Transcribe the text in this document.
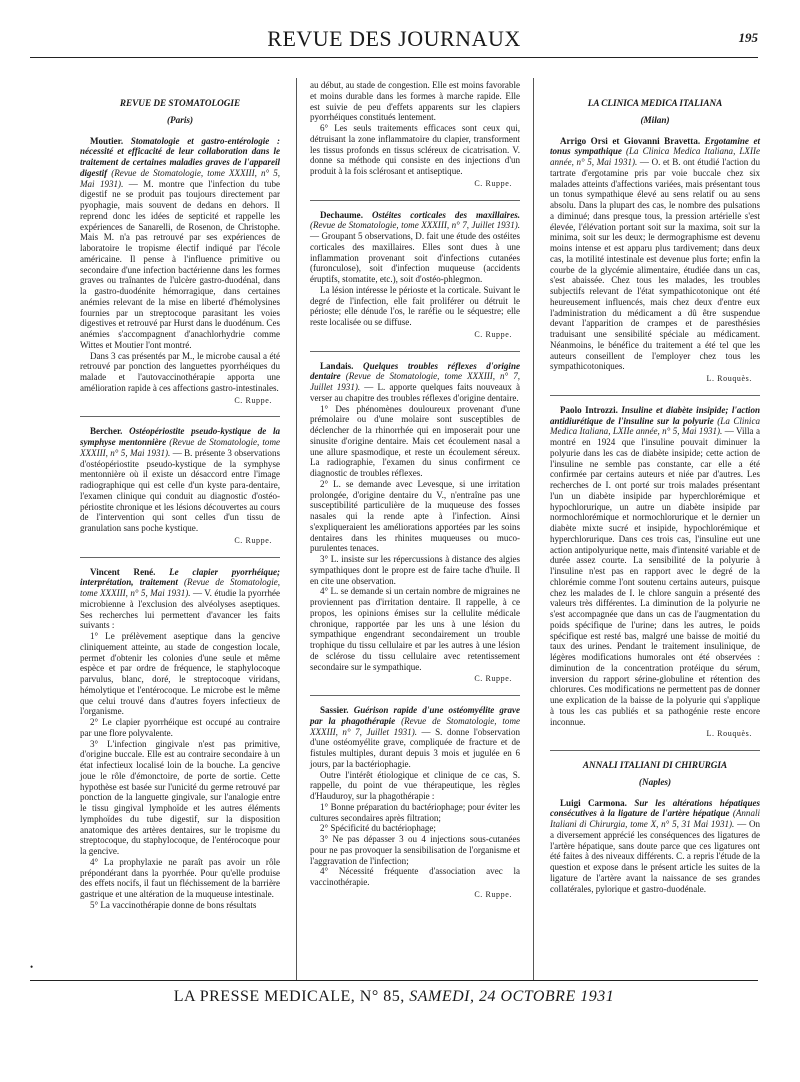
REVUE DES JOURNAUX	195
REVUE DE STOMATOLOGIE
(Paris)
Moutier. Stomatologie et gastro-entérologie : nécessité et efficacité de leur collaboration dans le traitement de certaines maladies graves de l'appareil digestif (Revue de Stomatologie, tome XXXIII, n° 5, Mai 1931). — M. montre que l'infection du tube digestif ne se produit pas toujours directement par pyophagie, mais souvent de dedans en dehors. Il reprend donc les idées de septicité et rappelle les expériences de Sanarelli, de Rosenon, de Christophe. Mais M. n'a pas retrouvé par ses expériences de laboratoire le tropisme électif indiqué par l'école américaine. Il pense à l'influence primitive ou secondaire d'une infection bactérienne dans les formes graves ou traînantes de l'ulcère gastro-duodénal, dans la gastro-duodénite hémorragique, dans certaines anémies relevant de la mise en liberté d'hémolysines fournies par un streptocoque parasitant les voies digestives et retrouvé par Hurst dans le duodénum. Ces anémies s'accompagnent d'anachlorhydrie comme Wittes et Moutier l'ont montré.
Dans 3 cas présentés par M., le microbe causal a été retrouvé par ponction des languettes pyorrhéiques du malade et l'autovaccinothérapie apporta une amélioration rapide à ces affections gastro-intestinales.
C. Ruppe.
Bercher. Ostéopériostite pseudo-kystique de la symphyse mentonnière (Revue de Stomatologie, tome XXXIII, n° 5, Mai 1931). — B. présente 3 observations d'ostéopériostite pseudo-kystique de la symphyse mentonnière où il existe un désaccord entre l'image radiographique qui est celle d'un kyste para-dentaire, l'examen clinique qui conduit au diagnostic d'ostéo-périostite chronique et les lésions découvertes au cours de l'intervention qui sont celles d'un tissu de granulation sans poche kystique.
C. Ruppe.
Vincent René. Le clapier pyorrhéique; interprétation, traitement (Revue de Stomatologie, tome XXXIII, n° 5, Mai 1931). — V. étudie la pyorrhée microbienne à l'exclusion des alvéolyses aseptiques. Ses recherches lui permettent d'avancer les faits suivants :
1° Le prélèvement aseptique dans la gencive cliniquement atteinte, au stade de congestion locale, permet d'obtenir les colonies d'une seule et même espèce et par ordre de fréquence, le staphylocoque parvulus, blanc, doré, le streptocoque viridans, hémolytique et l'entérocoque. Le microbe est le même que celui trouvé dans d'autres foyers infectieux de l'organisme.
2° Le clapier pyorrhéique est occupé au contraire par une flore polyvalente.
3° L'infection gingivale n'est pas primitive, d'origine buccale. Elle est au contraire secondaire à un état infectieux localisé loin de la bouche. La gencive joue le rôle d'émonctoire, de porte de sortie. Cette hypothèse est basée sur l'unicité du germe retrouvé par ponction de la languette gingivale, sur l'analogie entre le tissu gingival lymphoïde et les autres éléments lymphoïdes du tube digestif, sur la disposition anatomique des artères dentaires, sur le tropisme du streptocoque, du staphylocoque, de l'entérocoque pour la gencive.
4° La prophylaxie ne paraît pas avoir un rôle prépondérant dans la pyorrhée. Pour qu'elle produise des effets nocifs, il faut un fléchissement de la barrière gastrique et une altération de la muqueuse intestinale.
5° La vaccinothérapie donne de bons résultats
au début, au stade de congestion. Elle est moins favorable et moins durable dans les formes à marche rapide. Elle est suivie de peu d'effets apparents sur les clapiers pyorrhéiques constitués lentement.
6° Les seuls traitements efficaces sont ceux qui, détruisant la zone inflammatoire du clapier, transforment les tissus profonds en tissus scléreux de cicatrisation. V. donne sa méthode qui consiste en des injections d'un produit à la fois sclérosant et antiseptique.
C. Ruppe.
Dechaume. Ostéites corticales des maxillaires. (Revue de Stomatologie, tome XXXIII, n° 7, Juillet 1931). — Groupant 5 observations, D. fait une étude des ostéites corticales des maxillaires. Elles sont dues à une inflammation provenant soit d'infections cutanées (furonculose), soit d'infection muqueuse (accidents éruptifs, stomatite, etc.), soit d'ostéo-phlegmon.
La lésion intéresse le périoste et la corticale. Suivant le degré de l'infection, elle fait proliférer ou détruit le périoste; elle dénude l'os, le raréfie ou le séquestre; elle reste localisée ou se diffuse.
C. Ruppe.
Landais. Quelques troubles réflexes d'origine dentaire (Revue de Stomatologie, tome XXXIII, n° 7, Juillet 1931). — L. apporte quelques faits nouveaux à verser au chapitre des troubles réflexes d'origine dentaire.
1° Des phénomènes douloureux provenant d'une prémolaire ou d'une molaire sont susceptibles de déclencher de la rhinorrhée qui en imposerait pour une sinusite d'origine dentaire. Mais cet écoulement nasal a une allure spasmodique, et reste un écoulement séreux. La radiographie, l'examen du sinus confirment ce diagnostic de troubles réflexes.
2° L. se demande avec Levesque, si une irritation prolongée, d'origine dentaire du V., n'entraîne pas une susceptibilité particulière de la muqueuse des fosses nasales qui la rende apte à l'infection. Ainsi s'expliqueraient les améliorations apportées par les soins dentaires dans les rhinites muqueuses ou muco-purulentes tenaces.
3° L. insiste sur les répercussions à distance des algies sympathiques dont le propre est de faire tache d'huile. Il en cite une observation.
4° L. se demande si un certain nombre de migraines ne proviennent pas d'irritation dentaire. Il rappelle, à ce propos, les opinions émises sur la cellulite médicale chronique, rapportée par les uns à une lésion du sympathique engendrant secondairement un trouble trophique du tissu cellulaire et par les autres à une lésion de sclérose du tissu cellulaire avec retentissement secondaire sur le sympathique.
C. Ruppe.
Sassier. Guérison rapide d'une ostéomyélite grave par la phagothérapie (Revue de Stomatologie, tome XXXIII, n° 7, Juillet 1931). — S. donne l'observation d'une ostéomyélite grave, compliquée de fracture et de fistules multiples, durant depuis 3 mois et jugulée en 6 jours, par la bactériophagie.
Outre l'intérêt étiologique et clinique de ce cas, S. rappelle, du point de vue thérapeutique, les règles d'Hauduroy, sur la phagothérapie :
1° Bonne préparation du bactériophage; pour éviter les cultures secondaires après filtration;
2° Spécificité du bactériophage;
3° Ne pas dépasser 3 ou 4 injections sous-cutanées pour ne pas provoquer la sensibilisation de l'organisme et l'aggravation de l'infection;
4° Nécessité fréquente d'association avec la vaccinothérapie.
C. Ruppe.
LA CLINICA MEDICA ITALIANA
(Milan)
Arrigo Orsi et Giovanni Bravetta. Ergotamine et tonus sympathique (La Clinica Medica Italiana, LXIIe année, n° 5, Mai 1931). — O. et B. ont étudié l'action du tartrate d'ergotamine pris par voie buccale chez six malades atteints d'affections variées, mais présentant tous un tonus sympathique élevé au sens relatif ou au sens absolu. Dans la plupart des cas, le nombre des pulsations a diminué; dans presque tous, la pression artérielle s'est élevée, l'élévation portant soit sur la maxima, soit sur la minima, soit sur les deux; le dermographisme est devenu moins intense et est apparu plus tardivement; dans deux cas, la motilité intestinale est devenue plus forte; enfin la courbe de la glycémie alimentaire, étudiée dans un cas, s'est abaissée. Chez tous les malades, les troubles subjectifs relevant de l'état sympathicotonique ont été heureusement influencés, mais chez deux d'entre eux l'administration du médicament a dû être suspendue devant l'apparition de crampes et de paresthésies traduisant une sensibilité spéciale au médicament. Néanmoins, le bénéfice du traitement a été tel que les auteurs conseillent de l'employer chez tous les sympathicotoniques.
L. Rouquès.
Paolo Introzzi. Insuline et diabète insipide; l'action antidiurétique de l'insuline sur la polyurie (La Clinica Medica Italiana, LXIIe année, n° 5, Mai 1931). — Villa a montré en 1924 que l'insuline pouvait diminuer la polyurie dans les cas de diabète insipide; cette action de l'insuline ne semble pas constante, car elle a été confirmée par certains auteurs et niée par d'autres. Les recherches de I. ont porté sur trois malades présentant l'un un diabète insipide par hyperchlorémique et hypochlorurique, un autre un diabète insipide par normochlorémique et normochlorurique et le dernier un diabète mixte sucré et insipide, hypochlorémique et hyperchlorurique. Dans ces trois cas, l'insuline eut une action antipolyurique nette, mais d'intensité variable et de durée assez courte. La sensibilité de la polyurie à l'insuline n'est pas en rapport avec le degré de la chlorémie comme l'ont soutenu certains auteurs, puisque chez les malades de I. le chlore sanguin a présenté des valeurs très différentes. La diminution de la polyurie ne s'est accompagnée que dans un cas de l'augmentation du poids spécifique de l'urine; dans les autres, le poids spécifique est resté bas, malgré une baisse de moitié du taux des urines. Pendant le traitement insulinique, de légères modifications humorales ont été observées : diminution de la concentration protéique du sérum, inversion du rapport sérine-globuline et rétention des chlorures. Ces modifications ne permettent pas de donner une explication de la baisse de la polyurie qui s'applique à tous les cas publiés et sa pathogénie reste encore inconnue.
L. Rouquès.
ANNALI ITALIANI DI CHIRURGIA
(Naples)
Luigi Carmona. Sur les altérations hépatiques consécutives à la ligature de l'artère hépatique (Annali Italiani di Chirurgia, tome X, n° 5, 31 Mai 1931). — On a diversement apprécié les conséquences des ligatures de l'artère hépatique, sans doute parce que ces ligatures ont été faites à des niveaux différents. C. a repris l'étude de la question et expose dans le présent article les suites de la ligature de l'artère avant la naissance de ses grandes collatérales, pylorique et gastro-duodénale.
LA PRESSE MEDICALE, N° 85, SAMEDI, 24 OCTOBRE 1931
•
